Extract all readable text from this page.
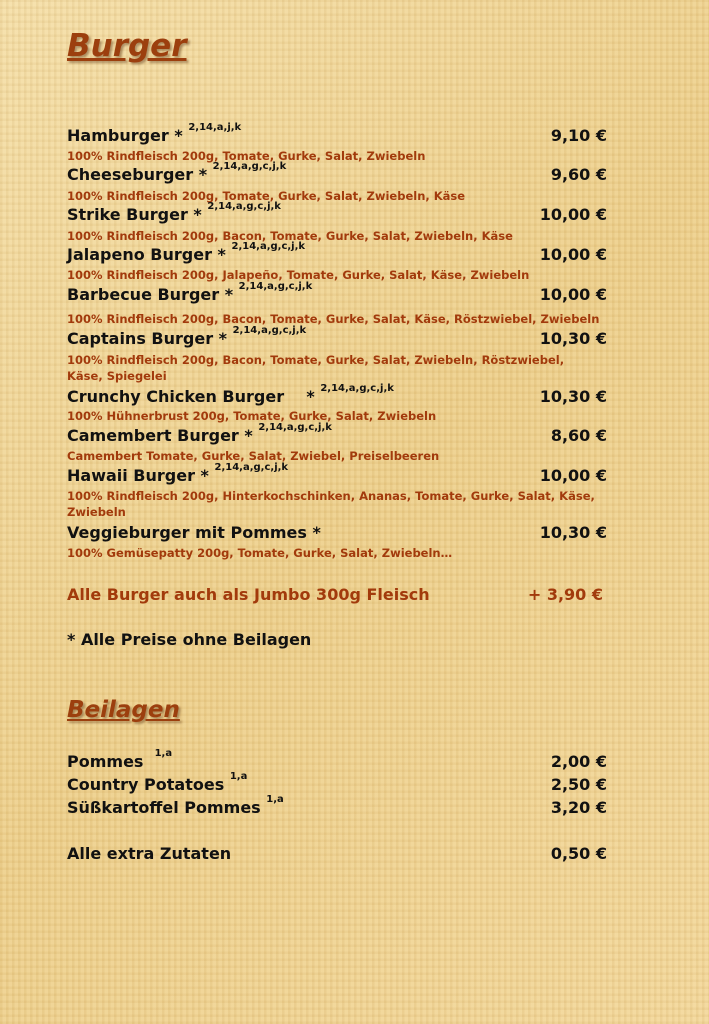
Burger
Hamburger * $^{2,14,a,j,k}$	9,10 €
100% Rindfleisch 200g, Tomate, Gurke, Salat, Zwiebeln
Cheeseburger * $^{2,14,a,g,c,j,k}$	9,60 €
100% Rindfleisch 200g, Tomate, Gurke, Salat, Zwiebeln, Käse
Strike Burger * $^{2,14,a,g,c,j,k}$	10,00 €
100% Rindfleisch 200g, Bacon, Tomate, Gurke, Salat, Zwiebeln, Käse
Jalapeno Burger * $^{2,14,a,g,c,j,k}$	10,00 €
100% Rindfleisch 200g, Jalapeño, Tomate, Gurke, Salat, Käse, Zwiebeln
Barbecue Burger * $^{2,14,a,g,c,j,k}$	10,00 €
100% Rindfleisch 200g, Bacon, Tomate, Gurke, Salat, Käse, Röstzwiebel, Zwiebeln
Captains Burger * $^{2,14,a,g,c,j,k}$	10,30 €
100% Rindfleisch 200g, Bacon, Tomate, Gurke, Salat, Zwiebeln, Röstzwiebel, Käse, Spiegelei
Crunchy Chicken Burger    * $^{2,14,a,g,c,j,k}$	10,30 €
100% Hühnerbrust 200g, Tomate, Gurke, Salat, Zwiebeln
Camembert Burger * $^{2,14,a,g,c,j,k}$	8,60 €
Camembert Tomate, Gurke, Salat, Zwiebel, Preiselbeeren
Hawaii Burger * $^{2,14,a,g,c,j,k}$	10,00 €
100% Rindfleisch 200g, Hinterkochschinken, Ananas, Tomate, Gurke, Salat, Käse, Zwiebeln
Veggieburger mit Pommes *	10,30 €
100% Gemüsepatty 200g, Tomate, Gurke, Salat, Zwiebeln…
Alle Burger auch als Jumbo 300g Fleisch	+ 3,90 €
* Alle Preise ohne Beilagen
Beilagen
Pommes $^{1,a}$	2,00 €
Country Potatoes $^{1,a}$	2,50 €
Süßkartoffel Pommes $^{1,a}$	3,20 €
Alle extra Zutaten	0,50 €
